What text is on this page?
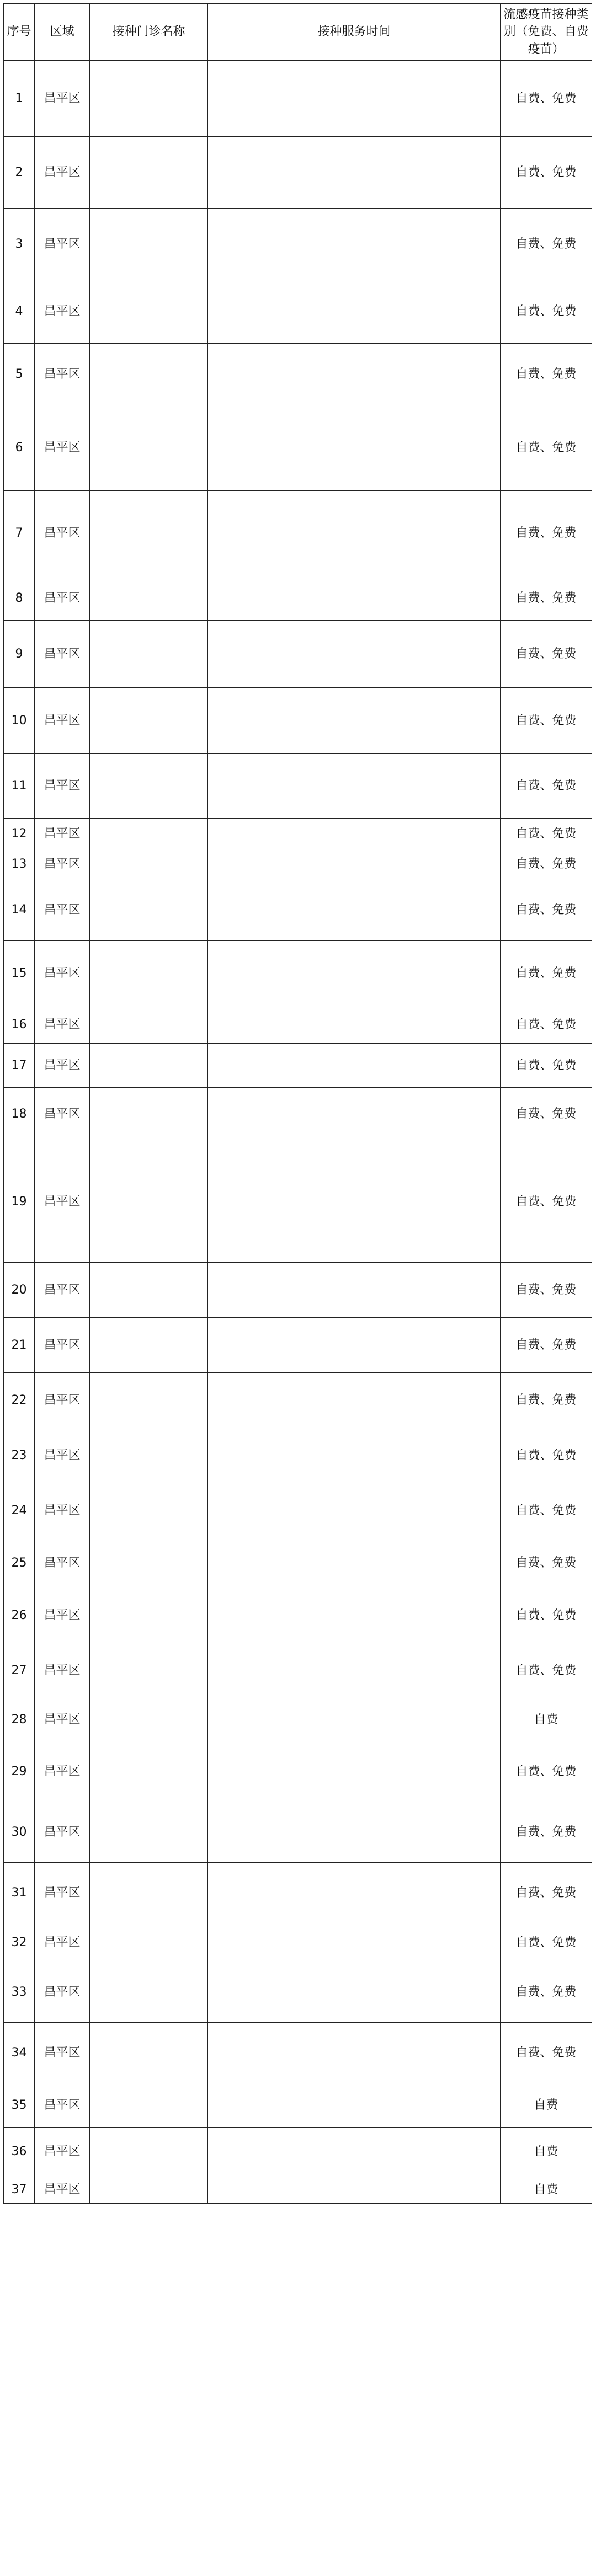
序号	区域	接种门诊名称	接种服务时间	流感疫苗接种类别（免费、自费疫苗）
1	昌平区			自费、免费
2	昌平区			自费、免费
3	昌平区			自费、免费
4	昌平区			自费、免费
5	昌平区			自费、免费
6	昌平区			自费、免费
7	昌平区			自费、免费
8	昌平区			自费、免费
9	昌平区			自费、免费
10	昌平区			自费、免费
11	昌平区			自费、免费
12	昌平区			自费、免费
13	昌平区			自费、免费
14	昌平区			自费、免费
15	昌平区			自费、免费
16	昌平区			自费、免费
17	昌平区			自费、免费
18	昌平区			自费、免费
19	昌平区			自费、免费
20	昌平区			自费、免费
21	昌平区			自费、免费
22	昌平区			自费、免费
23	昌平区			自费、免费
24	昌平区			自费、免费
25	昌平区			自费、免费
26	昌平区			自费、免费
27	昌平区			自费、免费
28	昌平区			自费
29	昌平区			自费、免费
30	昌平区			自费、免费
31	昌平区			自费、免费
32	昌平区			自费、免费
33	昌平区			自费、免费
34	昌平区			自费、免费
35	昌平区			自费
36	昌平区			自费
37	昌平区			自费
